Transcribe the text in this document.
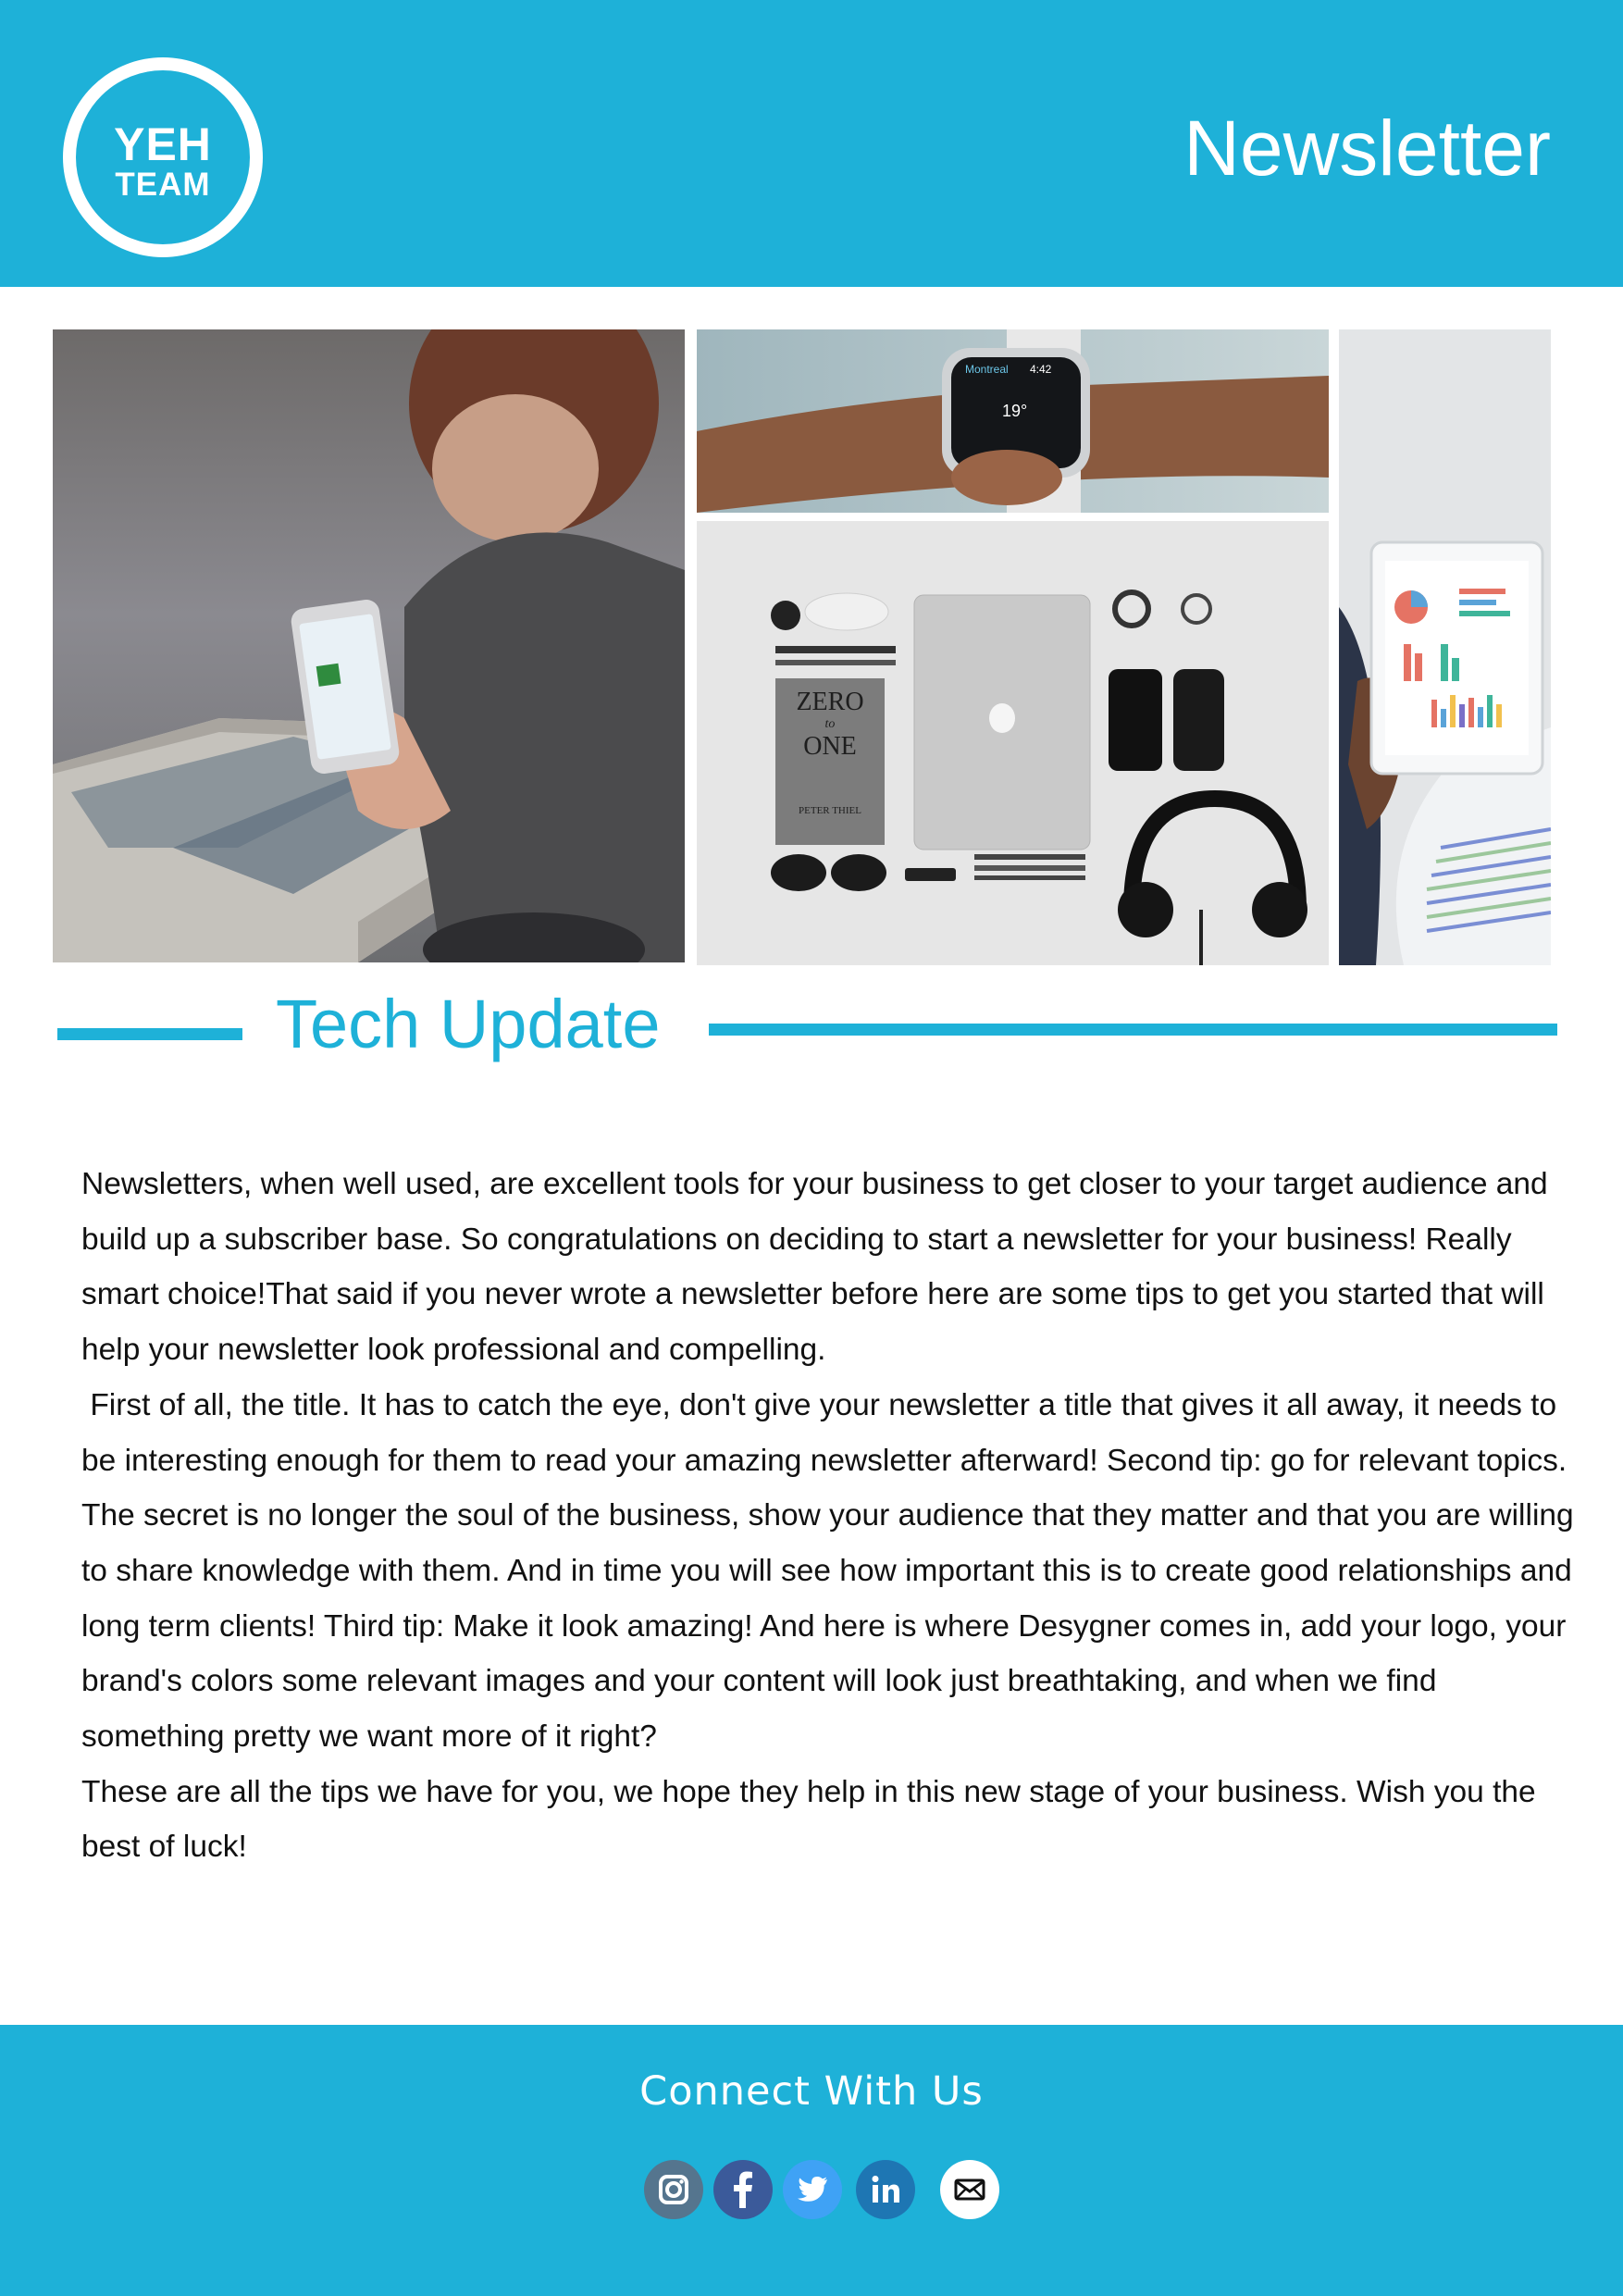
YEH
TEAM	Newsletter
Montreal 4:42
19°
ZERO
to
ONE
PETER THIEL
Tech Update

Newsletters, when well used, are excellent tools for your business to get closer to your target audience and build up a subscriber base. So congratulations on deciding to start a newsletter for your business! Really smart choice!That said if you never wrote a newsletter before here are some tips to get you started that will help your newsletter look professional and compelling.

First of all, the title. It has to catch the eye, don't give your newsletter a title that gives it all away, it needs to be interesting enough for them to read your amazing newsletter afterward! Second tip: go for relevant topics. The secret is no longer the soul of the business, show your audience that they matter and that you are willing to share knowledge with them. And in time you will see how important this is to create good relationships and long term clients! Third tip: Make it look amazing! And here is where Desygner comes in, add your logo, your brand's colors some relevant images and your content will look just breathtaking, and when we find something pretty we want more of it right?

These are all the tips we have for you, we hope they help in this new stage of your business. Wish you the best of luck!

Connect With Us
